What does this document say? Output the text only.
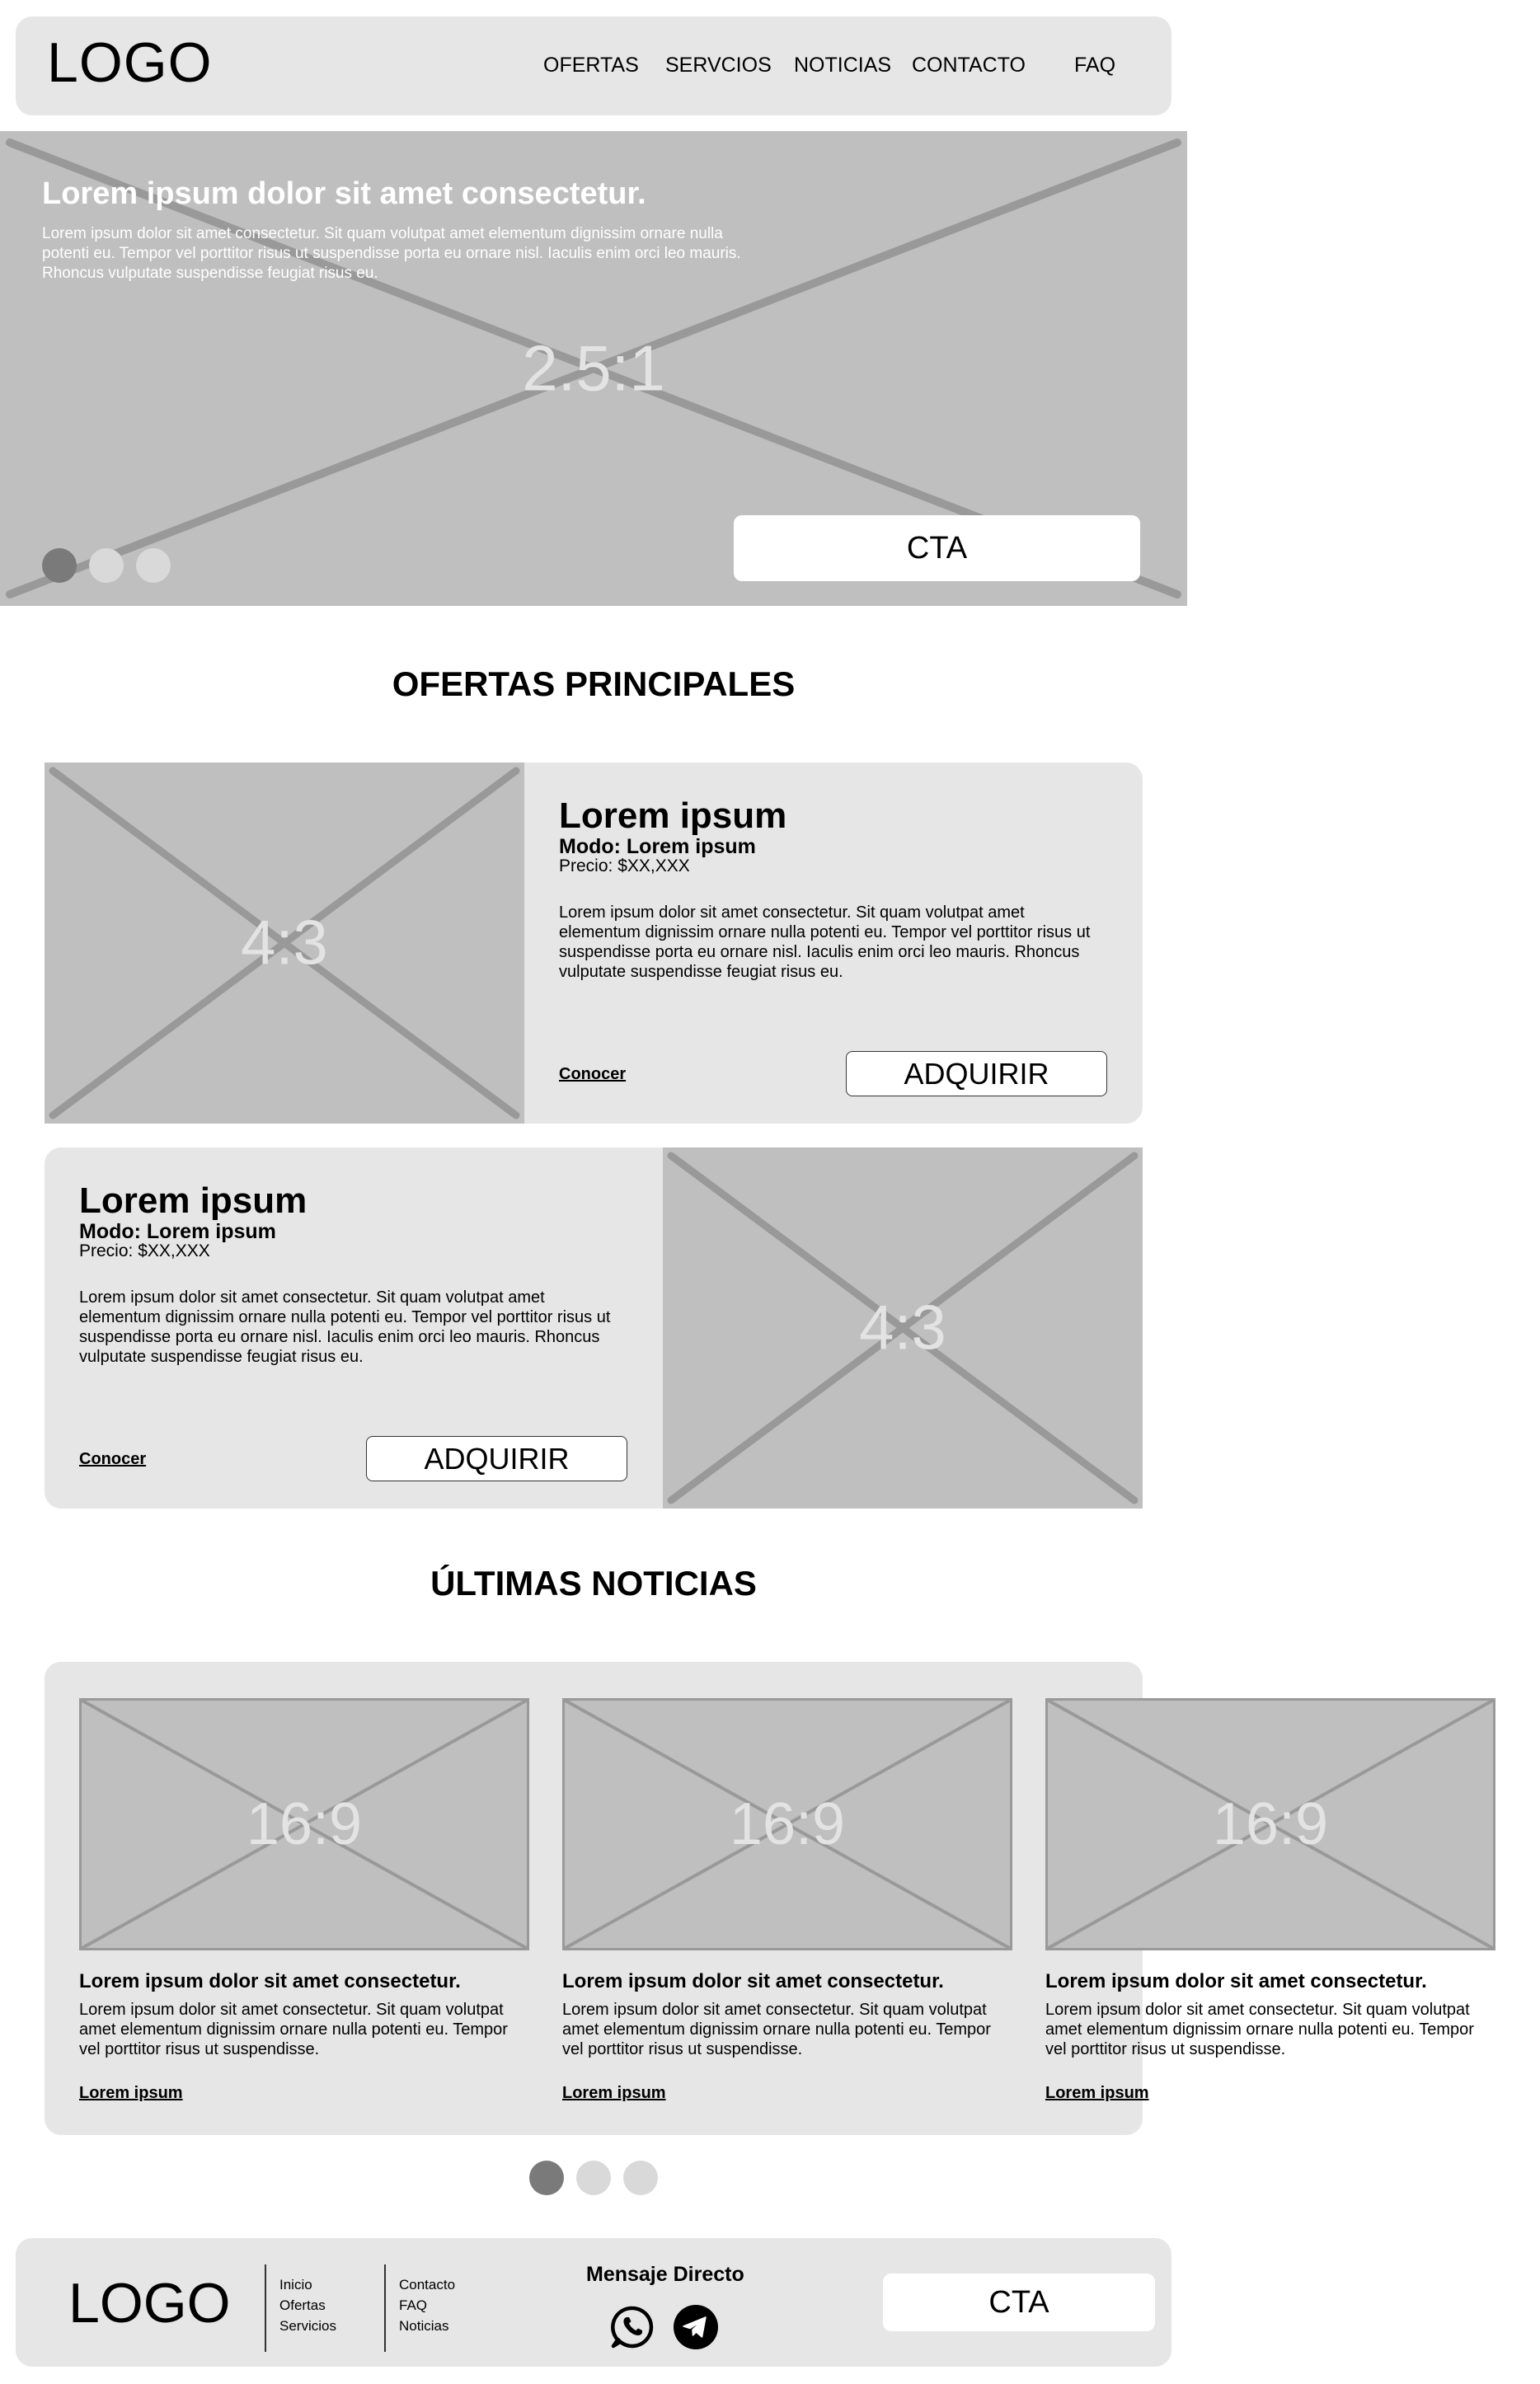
LOGO	OFERTAS SERVCIOS NOTICIAS CONTACTO FAQ
2.5:1
Lorem ipsum dolor sit amet consectetur.
Lorem ipsum dolor sit amet consectetur. Sit quam volutpat amet elementum dignissim ornare nulla potenti eu. Tempor vel porttitor risus ut suspendisse porta eu ornare nisl. Iaculis enim orci leo mauris. Rhoncus vulputate suspendisse feugiat risus eu.
CTA
OFERTAS PRINCIPALES
4:3
Lorem ipsum
Modo: Lorem ipsum
Precio: $XX,XXX
Lorem ipsum dolor sit amet consectetur. Sit quam volutpat amet elementum dignissim ornare nulla potenti eu. Tempor vel porttitor risus ut suspendisse porta eu ornare nisl. Iaculis enim orci leo mauris. Rhoncus vulputate suspendisse feugiat risus eu.
Conocer	ADQUIRIR
Lorem ipsum
Modo: Lorem ipsum
Precio: $XX,XXX
Lorem ipsum dolor sit amet consectetur. Sit quam volutpat amet elementum dignissim ornare nulla potenti eu. Tempor vel porttitor risus ut suspendisse porta eu ornare nisl. Iaculis enim orci leo mauris. Rhoncus vulputate suspendisse feugiat risus eu.
Conocer	ADQUIRIR
4:3
ÚLTIMAS NOTICIAS
16:9
Lorem ipsum dolor sit amet consectetur.
Lorem ipsum dolor sit amet consectetur. Sit quam volutpat amet elementum dignissim ornare nulla potenti eu. Tempor vel porttitor risus ut suspendisse.
Lorem ipsum
16:9
Lorem ipsum dolor sit amet consectetur.
Lorem ipsum dolor sit amet consectetur. Sit quam volutpat amet elementum dignissim ornare nulla potenti eu. Tempor vel porttitor risus ut suspendisse.
Lorem ipsum
16:9
Lorem ipsum dolor sit amet consectetur.
Lorem ipsum dolor sit amet consectetur. Sit quam volutpat amet elementum dignissim ornare nulla potenti eu. Tempor vel porttitor risus ut suspendisse.
Lorem ipsum
LOGO	Inicio
Ofertas
Servicios
Contacto
FAQ
Noticias
Mensaje Directo
CTA
